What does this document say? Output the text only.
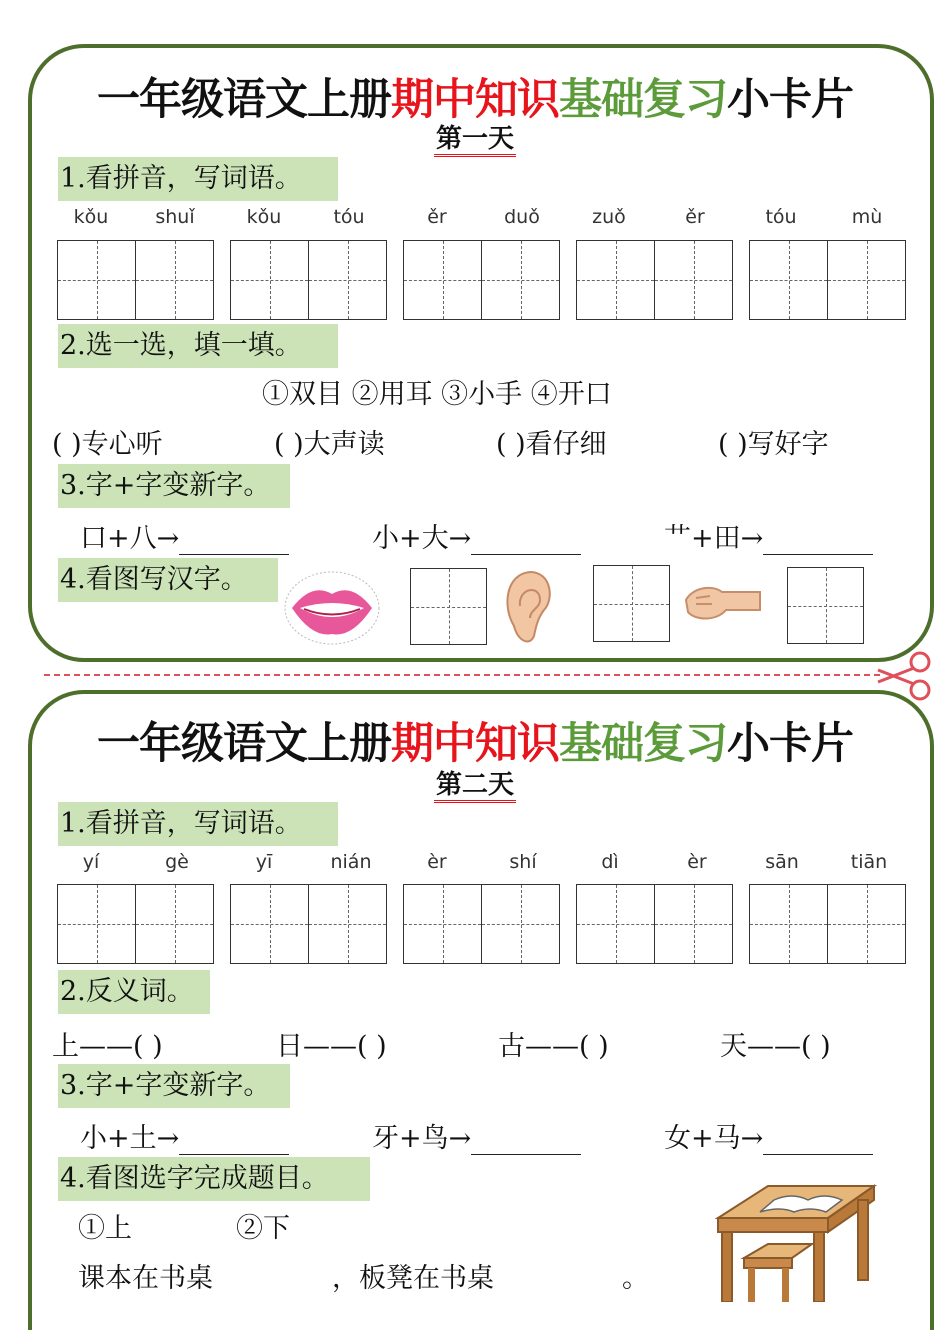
一年级语文上册期中知识基础复习小卡片
第一天
1.看拼音，写词语。
kǒu	shuǐ	kǒu	tóu	ěr	duǒ	zuǒ	ěr	tóu	mù
2.选一选，填一填。
①双目 ②用耳 ③小手 ④开口
( )专心听	( )大声读	( )看仔细	( )写好字
3.字+字变新字。
口+八→	小+大→	艹+田→
4.看图写汉字。
一年级语文上册期中知识基础复习小卡片
第二天
1.看拼音，写词语。
yí	gè	yī	nián	èr	shí	dì	èr	sān	tiān
2.反义词。
上——( )	日——( )	古——( )	天——( )
3.字+字变新字。
小+土→	牙+鸟→	女+马→
4.看图选字完成题目。
①上	②下
课本在书桌	，板凳在书桌	。
